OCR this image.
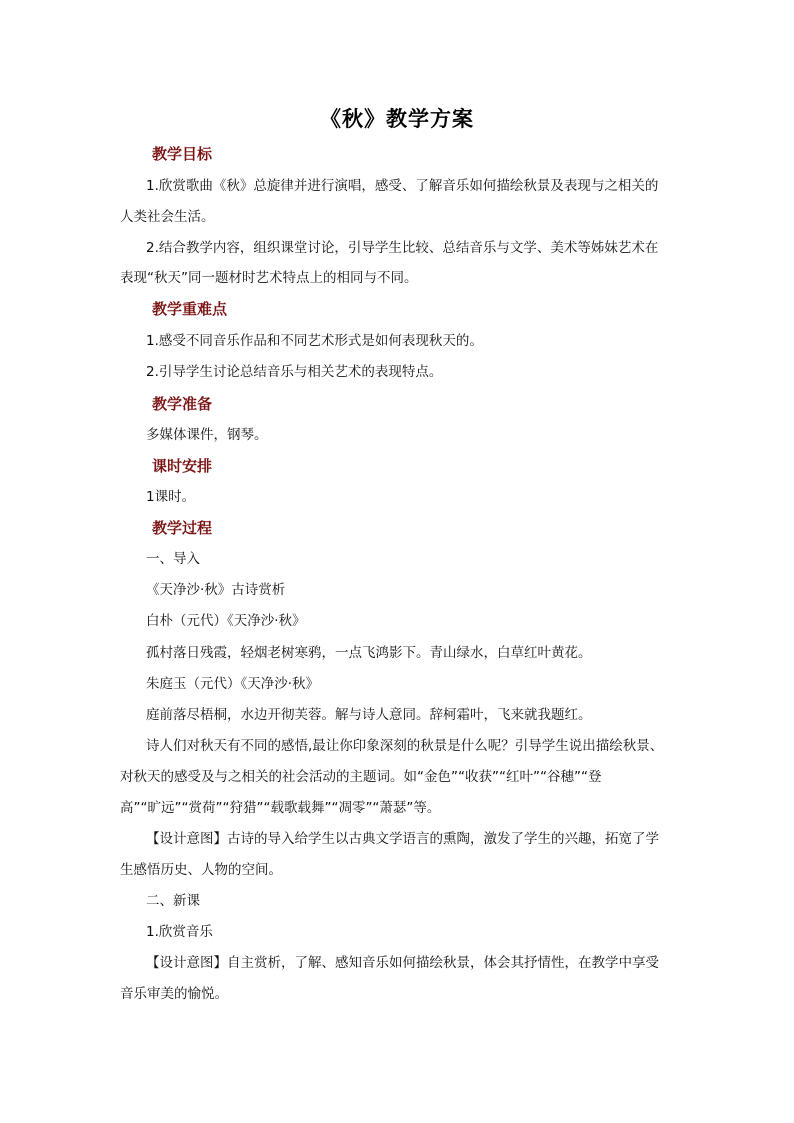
《秋》教学方案
教学目标
1.欣赏歌曲《秋》总旋律并进行演唱，感受、了解音乐如何描绘秋景及表现与之相关的
人类社会生活。
2.结合教学内容，组织课堂讨论，引导学生比较、总结音乐与文学、美术等姊妹艺术在
表现“秋天”同一题材时艺术特点上的相同与不同。
教学重难点
1.感受不同音乐作品和不同艺术形式是如何表现秋天的。
2.引导学生讨论总结音乐与相关艺术的表现特点。
教学准备
多媒体课件，钢琴。
课时安排
1课时。
教学过程
一、导入
《天净沙·秋》古诗赏析
白朴（元代）《天净沙·秋》
孤村落日残霞，轻烟老树寒鸦，一点飞鸿影下。青山绿水，白草红叶黄花。
朱庭玉（元代）《天净沙·秋》
庭前落尽梧桐，水边开彻芙蓉。解与诗人意同。辞柯霜叶，飞来就我题红。
诗人们对秋天有不同的感悟,最让你印象深刻的秋景是什么呢？引导学生说出描绘秋景、
对秋天的感受及与之相关的社会活动的主题词。如“金色”“收获”“红叶”“谷穗”“登
高”“旷远”“赏荷”“狩猎”“载歌载舞”“凋零”“萧瑟”等。
【设计意图】古诗的导入给学生以古典文学语言的熏陶，激发了学生的兴趣，拓宽了学
生感悟历史、人物的空间。
二、新课
1.欣赏音乐
【设计意图】自主赏析，了解、感知音乐如何描绘秋景，体会其抒情性，在教学中享受
音乐审美的愉悦。
